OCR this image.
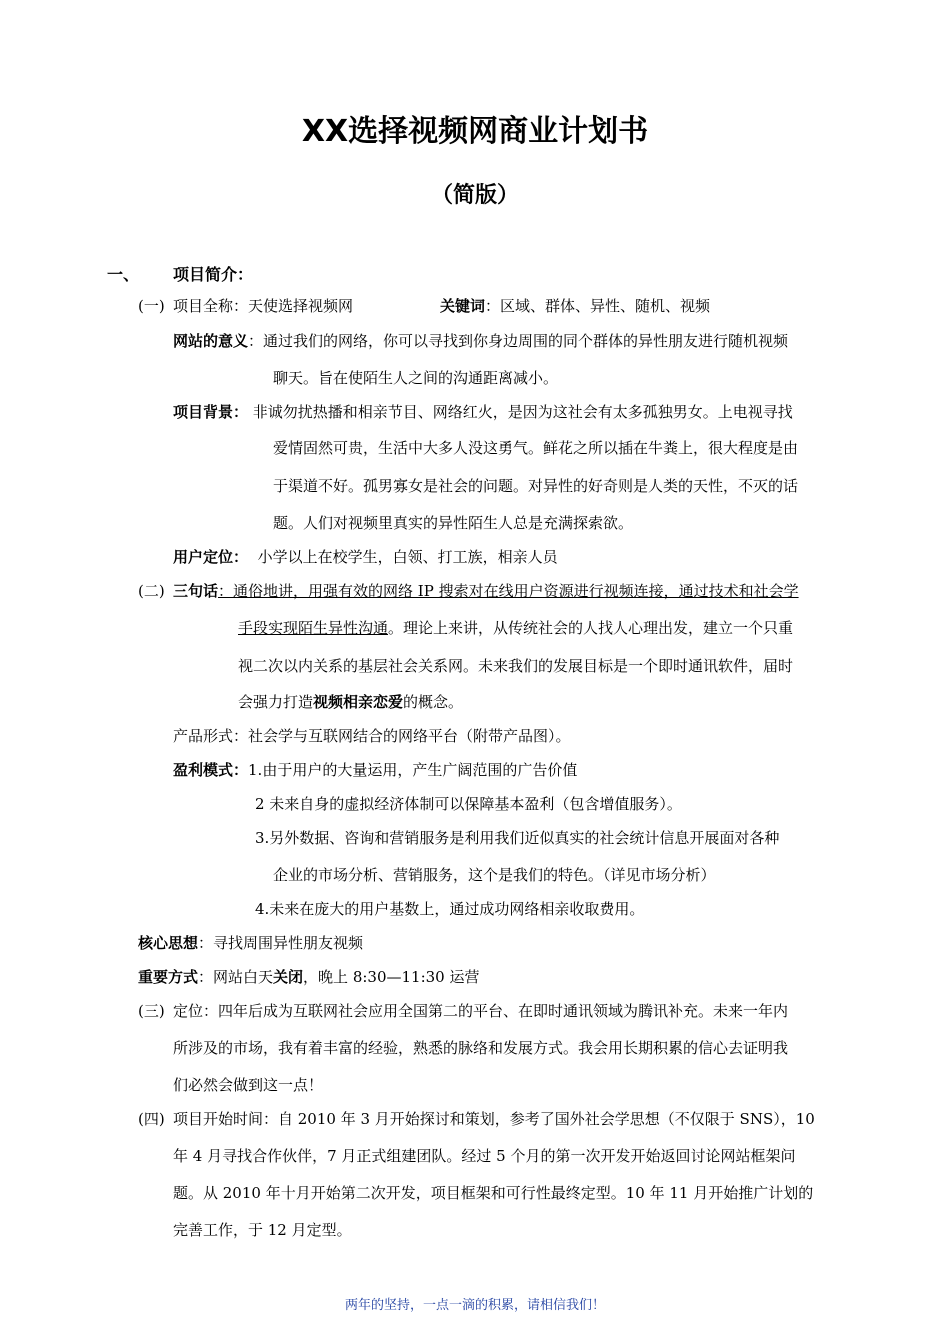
XX选择视频网商业计划书
（简版）
一、 项目简介：
(一) 项目全称：天使选择视频网	关键词：区域、群体、异性、随机、视频
网站的意义：通过我们的网络，你可以寻找到你身边周围的同个群体的异性朋友进行随机视频
聊天。旨在使陌生人之间的沟通距离减小。
项目背景： 非诚勿扰热播和相亲节目、网络红火，是因为这社会有太多孤独男女。上电视寻找
爱情固然可贵，生活中大多人没这勇气。鲜花之所以插在牛粪上，很大程度是由
于渠道不好。孤男寡女是社会的问题。对异性的好奇则是人类的天性，不灭的话
题。人们对视频里真实的异性陌生人总是充满探索欲。
用户定位： 小学以上在校学生，白领、打工族，相亲人员
(二) 三句话：通俗地讲，用强有效的网络 IP 搜索对在线用户资源进行视频连接，通过技术和社会学
手段实现陌生异性沟通。理论上来讲，从传统社会的人找人心理出发，建立一个只重
视二次以内关系的基层社会关系网。未来我们的发展目标是一个即时通讯软件，届时
会强力打造视频相亲恋爱的概念。
产品形式：社会学与互联网结合的网络平台（附带产品图）。
盈利模式：1.由于用户的大量运用，产生广阔范围的广告价值
2 未来自身的虚拟经济体制可以保障基本盈利（包含增值服务）。
3.另外数据、咨询和营销服务是利用我们近似真实的社会统计信息开展面对各种
企业的市场分析、营销服务，这个是我们的特色。（详见市场分析）
4.未来在庞大的用户基数上，通过成功网络相亲收取费用。
核心思想：寻找周围异性朋友视频
重要方式：网站白天关闭，晚上 8:30—11:30 运营
(三) 定位：四年后成为互联网社会应用全国第二的平台、在即时通讯领域为腾讯补充。未来一年内
所涉及的市场，我有着丰富的经验，熟悉的脉络和发展方式。我会用长期积累的信心去证明我
们必然会做到这一点！
(四) 项目开始时间：自 2010 年 3 月开始探讨和策划，参考了国外社会学思想（不仅限于 SNS），10
年 4 月寻找合作伙伴，7 月正式组建团队。经过 5 个月的第一次开发开始返回讨论网站框架问
题。从 2010 年十月开始第二次开发，项目框架和可行性最终定型。10 年 11 月开始推广计划的
完善工作，于 12 月定型。
两年的坚持，一点一滴的积累，请相信我们！
